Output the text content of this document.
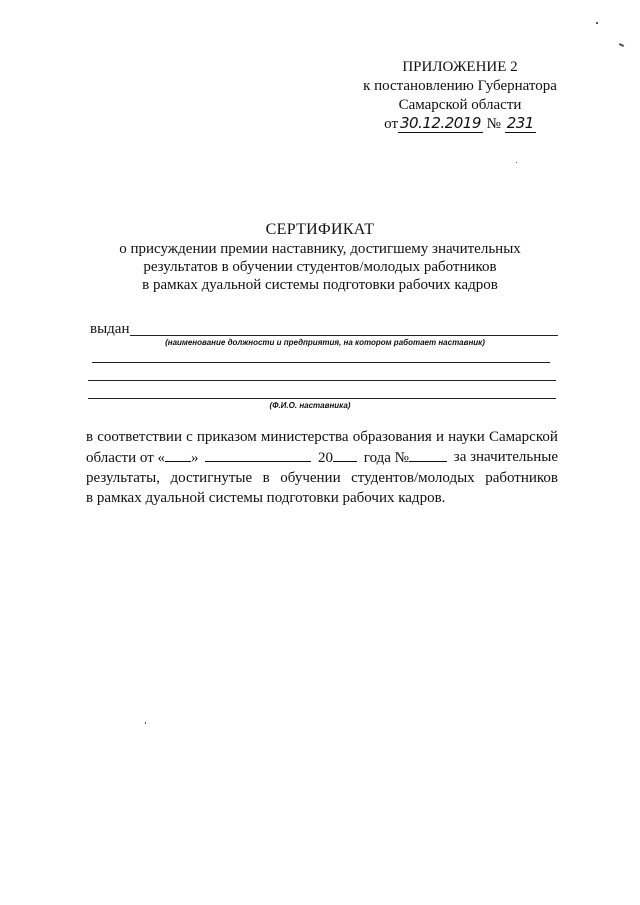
ПРИЛОЖЕНИЕ 2
к постановлению Губернатора
Самарской области
от 30.12.2019 № 231
СЕРТИФИКАТ
о присуждении премии наставнику, достигшему значительных
результатов в обучении студентов/молодых работников
в рамках дуальной системы подготовки рабочих кадров
выдан
(наименование должности и предприятия, на котором работает наставник)
(Ф.И.О. наставника)
в соответствии с приказом министерства образования и науки Самарской
области от « »	20	года №	за значительные
результаты, достигнутые в обучении студентов/молодых работников
в рамках дуальной системы подготовки рабочих кадров.
